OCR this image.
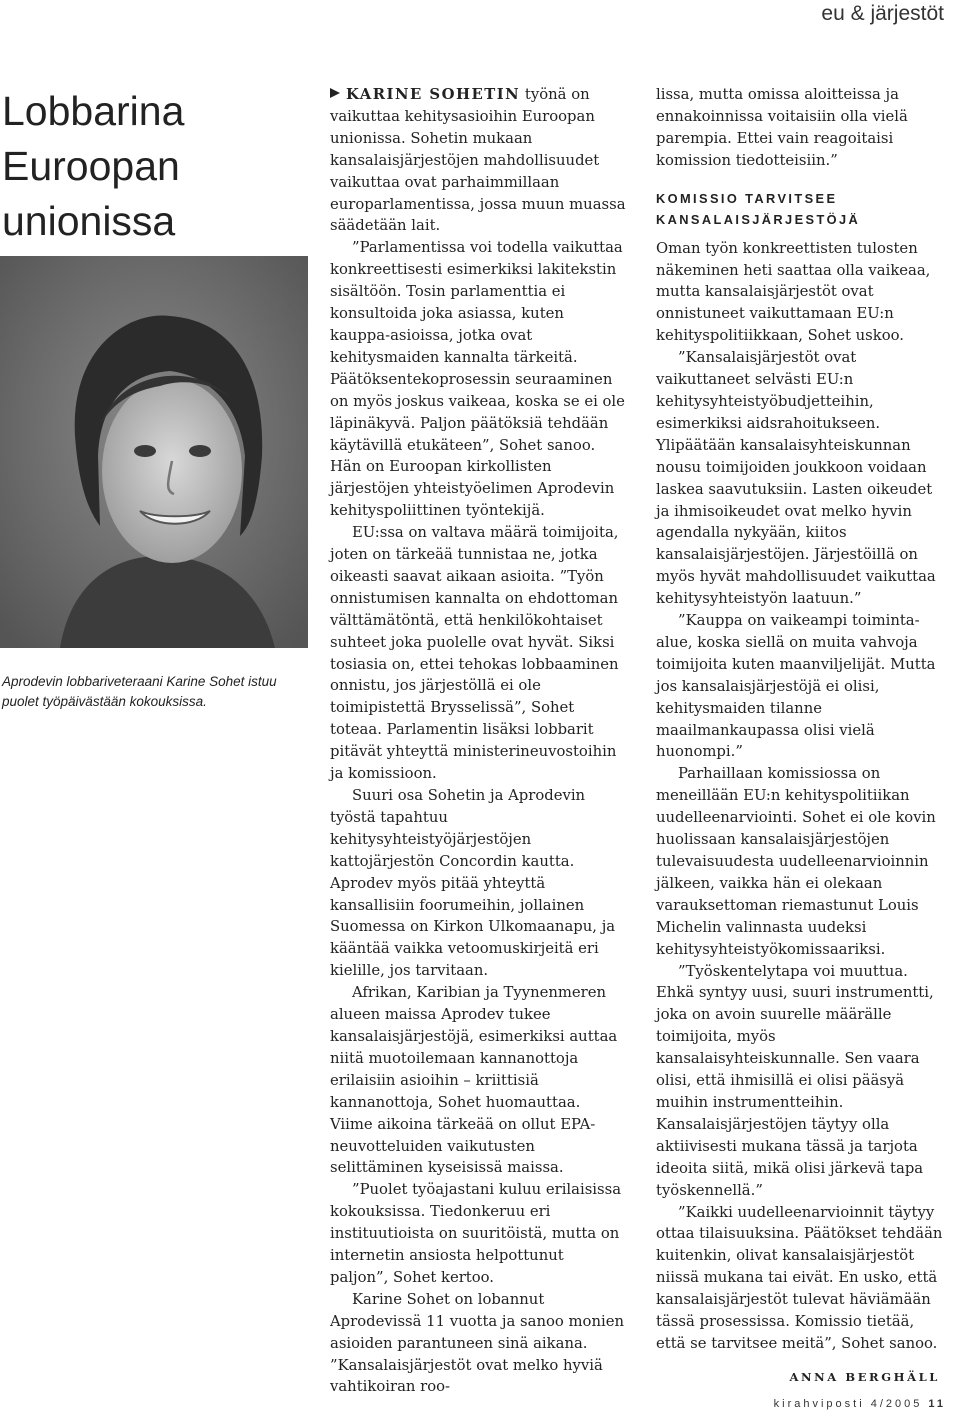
eu & järjestöt
Lobbarina
Euroopan
unionissa

Aprodevin lobbariveteraani Karine Sohet istuu puolet työpäivästään kokouksissa.

KARINE SOHETIN työnä on vaikuttaa kehitysasioihin Euroopan unionissa. Sohetin mukaan kansalaisjärjestöjen mahdollisuudet vaikuttaa ovat parhaimmillaan europarlamentissa, jossa muun muassa säädetään lait.

”Parlamentissa voi todella vaikuttaa konkreettisesti esimerkiksi lakitekstin sisältöön. Tosin parlamenttia ei konsultoida joka asiassa, kuten kauppa-asioissa, jotka ovat kehitysmaiden kannalta tärkeitä. Päätöksentekoprosessin seuraaminen on myös joskus vaikeaa, koska se ei ole läpinäkyvä. Paljon päätöksiä tehdään käytävillä etukäteen”, Sohet sanoo. Hän on Euroopan kirkollisten järjestöjen yhteistyöelimen Aprodevin kehityspoliittinen työntekijä.

EU:ssa on valtava määrä toimijoita, joten on tärkeää tunnistaa ne, jotka oikeasti saavat aikaan asioita. ”Työn onnistumisen kannalta on ehdottoman välttämätöntä, että henkilökohtaiset suhteet joka puolelle ovat hyvät. Siksi tosiasia on, ettei tehokas lobbaaminen onnistu, jos järjestöllä ei ole toimipistettä Brysselissä”, Sohet toteaa. Parlamentin lisäksi lobbarit pitävät yhteyttä ministerineuvostoihin ja komissioon.

Suuri osa Sohetin ja Aprodevin työstä tapahtuu kehitysyhteistyöjärjestöjen kattojärjestön Concordin kautta. Aprodev myös pitää yhteyttä kansallisiin foorumeihin, jollainen Suomessa on Kirkon Ulkomaanapu, ja kääntää vaikka vetoomuskirjeitä eri kielille, jos tarvitaan.

Afrikan, Karibian ja Tyynenmeren alueen maissa Aprodev tukee kansalaisjärjestöjä, esimerkiksi auttaa niitä muotoilemaan kannanottoja erilaisiin asioihin – kriittisiä kannanottoja, Sohet huomauttaa. Viime aikoina tärkeää on ollut EPA-neuvotteluiden vaikutusten selittäminen kyseisissä maissa.

”Puolet työajastani kuluu erilaisissa kokouksissa. Tiedonkeruu eri instituutioista on suuritöistä, mutta on internetin ansiosta helpottunut paljon”, Sohet kertoo.

Karine Sohet on lobannut Aprodevissä 11 vuotta ja sanoo monien asioiden parantuneen sinä aikana. ”Kansalaisjärjestöt ovat melko hyviä vahtikoiran roo-

lissa, mutta omissa aloitteissa ja ennakoinnissa voitaisiin olla vielä parempia. Ettei vain reagoitaisi komission tiedotteisiin.”

KOMISSIO TARVITSEE
KANSALAISJÄRJESTÖJÄ

Oman työn konkreettisten tulosten näkeminen heti saattaa olla vaikeaa, mutta kansalaisjärjestöt ovat onnistuneet vaikuttamaan EU:n kehityspolitiikkaan, Sohet uskoo.

”Kansalaisjärjestöt ovat vaikuttaneet selvästi EU:n kehitysyhteistyöbudjetteihin, esimerkiksi aidsrahoitukseen. Ylipäätään kansalaisyhteiskunnan nousu toimijoiden joukkoon voidaan laskea saavutuksiin. Lasten oikeudet ja ihmisoikeudet ovat melko hyvin agendalla nykyään, kiitos kansalaisjärjestöjen. Järjestöillä on myös hyvät mahdollisuudet vaikuttaa kehitysyhteistyön laatuun.”

”Kauppa on vaikeampi toiminta-alue, koska siellä on muita vahvoja toimijoita kuten maanviljelijät. Mutta jos kansalaisjärjestöjä ei olisi, kehitysmaiden tilanne maailmankaupassa olisi vielä huonompi.”

Parhaillaan komissiossa on meneillään EU:n kehityspolitiikan uudelleenarviointi. Sohet ei ole kovin huolissaan kansalaisjärjestöjen tulevaisuudesta uudelleenarvioinnin jälkeen, vaikka hän ei olekaan varauksettoman riemastunut Louis Michelin valinnasta uudeksi kehitysyhteistyökomissaariksi.

”Työskentelytapa voi muuttua. Ehkä syntyy uusi, suuri instrumentti, joka on avoin suurelle määrälle toimijoita, myös kansalaisyhteiskunnalle. Sen vaara olisi, että ihmisillä ei olisi pääsyä muihin instrumentteihin. Kansalaisjärjestöjen täytyy olla aktiivisesti mukana tässä ja tarjota ideoita siitä, mikä olisi järkevä tapa työskennellä.”

”Kaikki uudelleenarvioinnit täytyy ottaa tilaisuuksina. Päätökset tehdään kuitenkin, olivat kansalaisjärjestöt niissä mukana tai eivät. En usko, että kansalaisjärjestöt tulevat häviämään tässä prosessissa. Komissio tietää, että se tarvitsee meitä”, Sohet sanoo.

ANNA BERGHÄLL
kirahviposti 4/2005 11
